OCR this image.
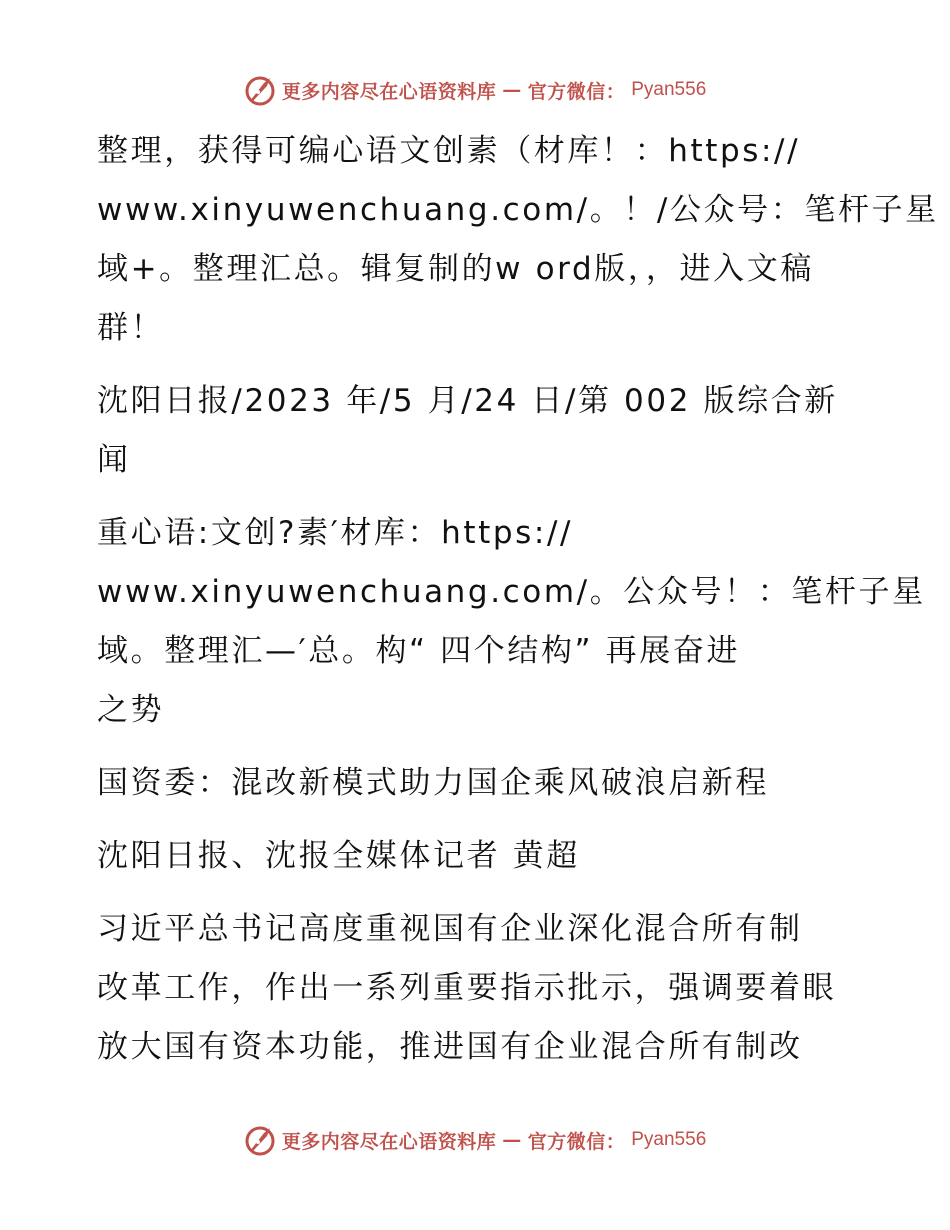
更多内容尽在心语资料库 — 官方微信： Pyan556
整理，获得可编心语文创素（材库！：https://
www.xinyuwenchuang.com/。！/公众号：笔杆子星
域+。整理汇总。辑复制的w ord版，，进入文稿
群！
沈阳日报/2023 年/5 月/24 日/第 002 版综合新
闻
重心语:文创?素′材库：https://
www.xinyuwenchuang.com/。公众号！：笔杆子星
域。整理汇—′总。构“ 四个结构” 再展奋进
之势
国资委：混改新模式助力国企乘风破浪启新程
沈阳日报、沈报全媒体记者 黄超
习近平总书记高度重视国有企业深化混合所有制
改革工作，作出一系列重要指示批示，强调要着眼
放大国有资本功能，推进国有企业混合所有制改
更多内容尽在心语资料库 — 官方微信： Pyan556
